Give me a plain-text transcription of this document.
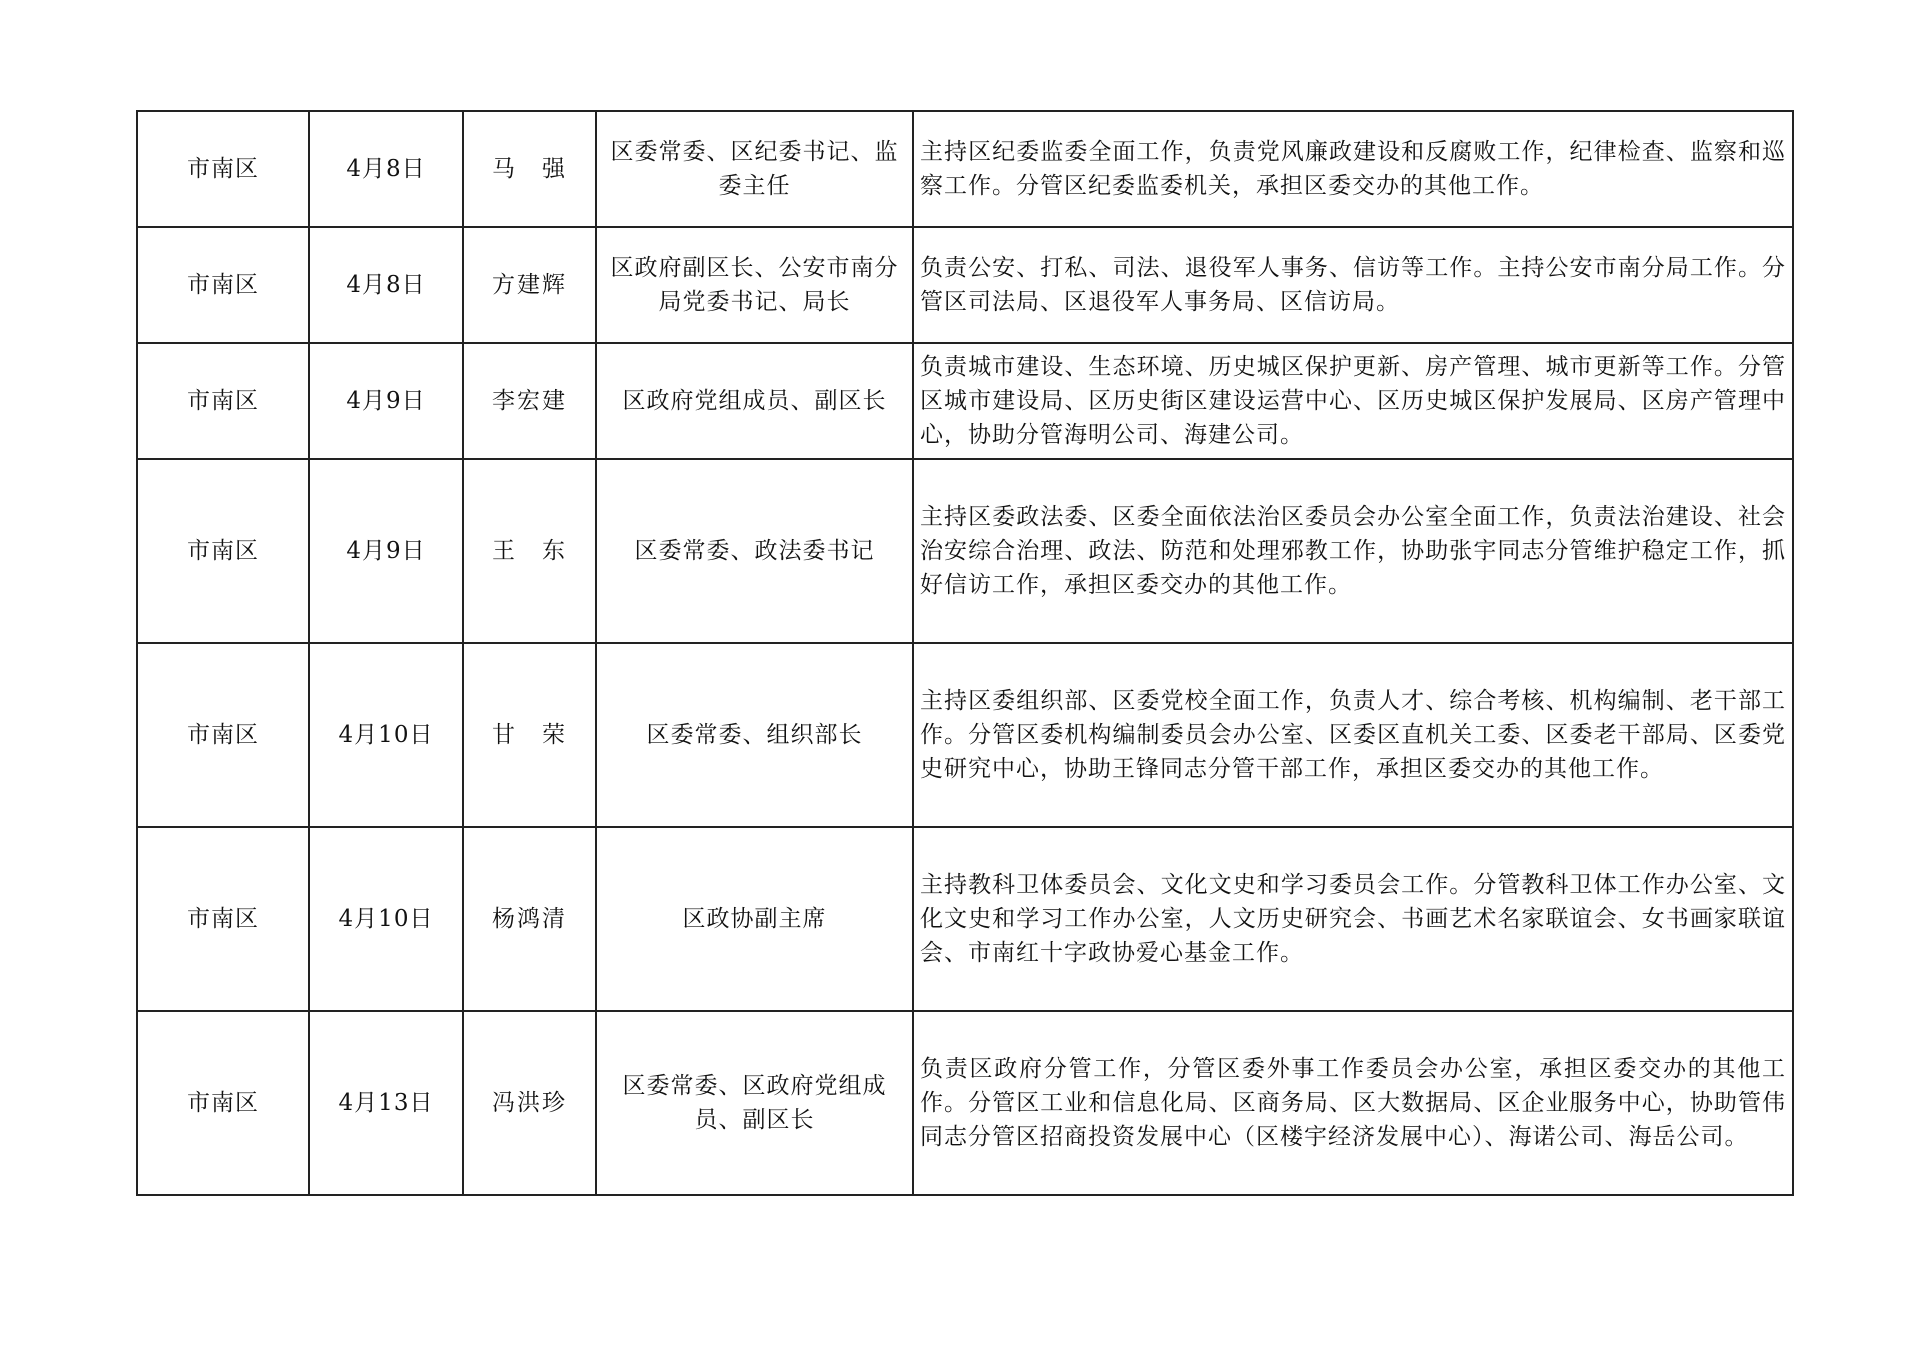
市南区	4月8日	马　强	区委常委、区纪委书记、监委主任	主持区纪委监委全面工作，负责党风廉政建设和反腐败工作，纪律检查、监察和巡察工作。分管区纪委监委机关，承担区委交办的其他工作。
市南区	4月8日	方建辉	区政府副区长、公安市南分局党委书记、局长	负责公安、打私、司法、退役军人事务、信访等工作。主持公安市南分局工作。分管区司法局、区退役军人事务局、区信访局。
市南区	4月9日	李宏建	区政府党组成员、副区长	负责城市建设、生态环境、历史城区保护更新、房产管理、城市更新等工作。分管区城市建设局、区历史街区建设运营中心、区历史城区保护发展局、区房产管理中心，协助分管海明公司、海建公司。
市南区	4月9日	王　东	区委常委、政法委书记	主持区委政法委、区委全面依法治区委员会办公室全面工作，负责法治建设、社会治安综合治理、政法、防范和处理邪教工作，协助张宇同志分管维护稳定工作，抓好信访工作，承担区委交办的其他工作。
市南区	4月10日	甘　荣	区委常委、组织部长	主持区委组织部、区委党校全面工作，负责人才、综合考核、机构编制、老干部工作。分管区委机构编制委员会办公室、区委区直机关工委、区委老干部局、区委党史研究中心，协助王锋同志分管干部工作，承担区委交办的其他工作。
市南区	4月10日	杨鸿清	区政协副主席	主持教科卫体委员会、文化文史和学习委员会工作。分管教科卫体工作办公室、文化文史和学习工作办公室，人文历史研究会、书画艺术名家联谊会、女书画家联谊会、市南红十字政协爱心基金工作。
市南区	4月13日	冯洪珍	区委常委、区政府党组成员、副区长	负责区政府分管工作，分管区委外事工作委员会办公室，承担区委交办的其他工作。分管区工业和信息化局、区商务局、区大数据局、区企业服务中心，协助管伟同志分管区招商投资发展中心（区楼宇经济发展中心）、海诺公司、海岳公司。
